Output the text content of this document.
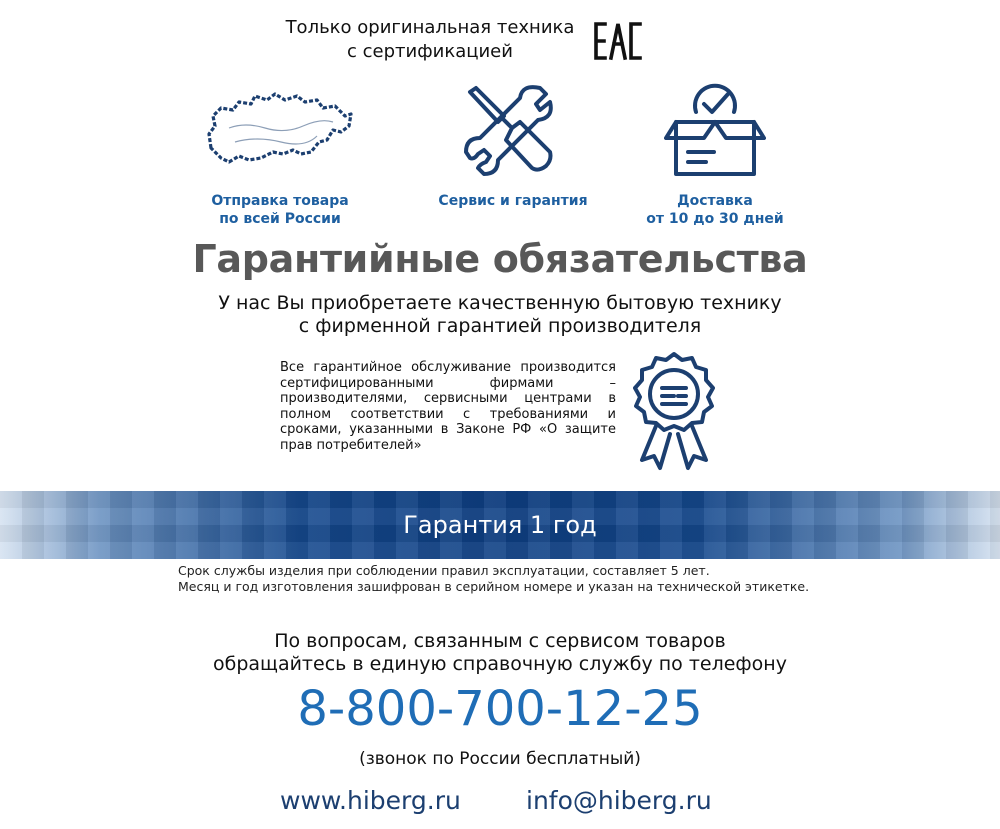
Только оригинальная техника
с сертификацией
Отправка товара
по всей России
Сервис и гарантия	Доставка
от 10 до 30 дней
Гарантийные обязательства
У нас Вы приобретаете качественную бытовую технику
с фирменной гарантией производителя
Все гарантийное обслуживание производится сертифицированными фирмами – производителями, сервисными центрами в полном соответствии с требованиями и сроками, указанными в Законе РФ «О защите прав потребителей»
Гарантия 1 год
Срок службы изделия при соблюдении правил эксплуатации, составляет 5 лет.
Месяц и год изготовления зашифрован в серийном номере и указан на технической этикетке.
По вопросам, связанным с сервисом товаров
обращайтесь в единую справочную службу по телефону
8-800-700-12-25
(звонок по России бесплатный)
www.hiberg.ru	info@hiberg.ru
